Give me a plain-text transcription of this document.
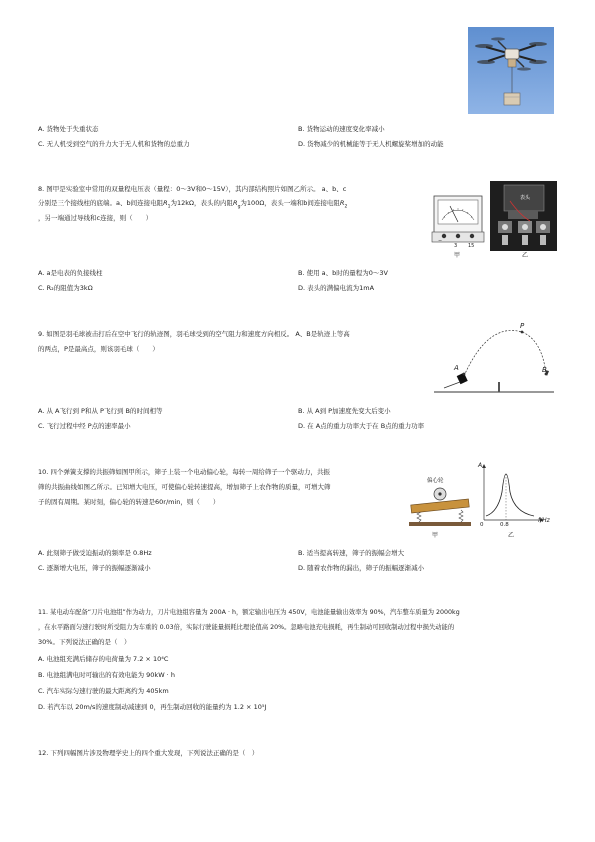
A. 货物处于失重状态	B. 货物运动的速度变化率减小
C. 无人机受到空气的升力大于无人机和货物的总重力	D. 货物减少的机械能等于无人机螺旋桨增加的动能
8. 图甲是实验室中常用的双量程电压表（量程：0～3V和0～15V），其内部结构照片如图乙所示。 a、b、c
分别是三个接线柱的底端。a、b间连接电阻$R_1$为12kΩ，表头的内阻$R_g$为100Ω，表头一端和b间连接电阻$R_2$
，另一端通过导线和c连接，则（　　）
−
3 15
甲
表头
乙
A. a是电表的负接线柱	B. 使用 a、b时的量程为0～3V
C. R₂的阻值为3kΩ	D. 表头的满偏电流为1mA
9. 如图是羽毛球被击打后在空中飞行的轨迹图，羽毛球受到的空气阻力和速度方向相反。 A、B是轨迹上等高
的两点，P是最高点，则该羽毛球（　　）
P
A	B
A. 从 A飞行到 P和从 P飞行到 B的时间相等	B. 从 A到 P加速度先变大后变小
C. 飞行过程中经 P点的速率最小	D. 在 A点的重力功率大于在 B点的重力功率
10. 四个弹簧支撑的共振筛如图甲所示，筛子上装一个电动偏心轮，每转一周给筛子一个驱动力，共振
筛的共振曲线如图乙所示。已知增大电压，可使偏心轮转速提高，增加筛子上农作物的质量，可增大筛
子的固有周期。某时刻，偏心轮的转速是60r/min，则（　　）
偏心轮
甲
A
f/Hz
0	0.8
乙
A. 此刻筛子做受迫振动的频率是 0.8Hz	B. 适当提高转速，筛子的振幅会增大
C. 逐渐增大电压，筛子的振幅逐渐减小	D. 随着农作物的漏出，筛子的振幅逐渐减小
11. 某电动车配备“刀片电池组”作为动力，刀片电池组容量为 200A · h，额定输出电压为 450V，电池能量输出效率为 90%，汽车整车质量为 2000kg
，在水平路面匀速行驶时所受阻力为车重的 0.03倍，实际行驶能量损耗比理论值高 20%。忽略电池充电损耗，再生制动可回收制动过程中损失动能的
30%。下列说法正确的是（　）
A. 电池组充满后储存的电荷量为 7.2 × 10⁴C
B. 电池组满电时可输出的有效电能为 90kW · h
C. 汽车实际匀速行驶的最大距离约为 405km
D. 若汽车以 20m/s的速度制动减速到 0，再生制动回收的能量约为 1.2 × 10⁵J
12. 下列四幅图片涉及物理学史上的四个重大发现，下列说法正确的是（　）
